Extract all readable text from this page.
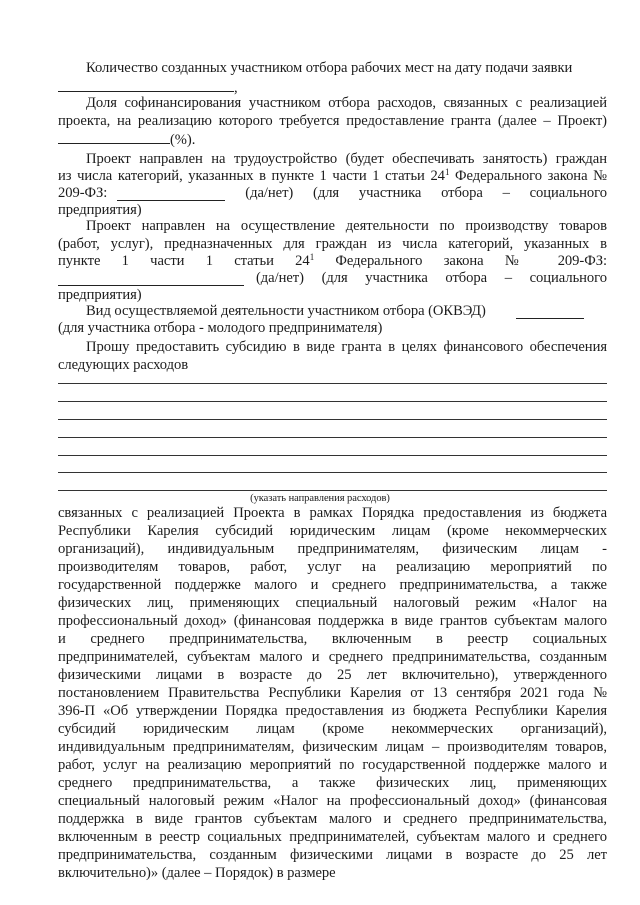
Количество созданных участником отбора рабочих мест на дату подачи заявки
,
Доля софинансирования участником отбора расходов, связанных с реализацией
проекта, на реализацию которого требуется предоставление гранта (далее – Проект)
(%).
Проект направлен на трудоустройство (будет обеспечивать занятость) граждан
из числа категорий, указанных в пункте 1 части 1 статьи $24^1$ Федерального закона №
209-ФЗ:	(да/нет) (для участника отбора – социального
предприятия)
Проект направлен на осуществление деятельности по производству товаров
(работ, услуг), предназначенных для граждан из числа категорий, указанных в
пункте 1 части 1 статьи $24^1$ Федерального закона № 209-ФЗ:
(да/нет) (для участника отбора – социального
предприятия)
Вид осуществляемой деятельности участником отбора (ОКВЭД)
(для участника отбора - молодого предпринимателя)
Прошу предоставить субсидию в виде гранта в целях финансового обеспечения
следующих расходов
(указать направления расходов)
связанных с реализацией Проекта в рамках Порядка предоставления из бюджета
Республики Карелия субсидий юридическим лицам (кроме некоммерческих
организаций), индивидуальным предпринимателям, физическим лицам -
производителям товаров, работ, услуг на реализацию мероприятий по
государственной поддержке малого и среднего предпринимательства, а также
физических лиц, применяющих специальный налоговый режим «Налог на
профессиональный доход» (финансовая поддержка в виде грантов субъектам малого
и среднего предпринимательства, включенным в реестр социальных
предпринимателей, субъектам малого и среднего предпринимательства, созданным
физическими лицами в возрасте до 25 лет включительно), утвержденного
постановлением Правительства Республики Карелия от 13 сентября 2021 года №
396-П «Об утверждении Порядка предоставления из бюджета Республики Карелия
субсидий юридическим лицам (кроме некоммерческих организаций),
индивидуальным предпринимателям, физическим лицам – производителям товаров,
работ, услуг на реализацию мероприятий по государственной поддержке малого и
среднего предпринимательства, а также физических лиц, применяющих
специальный налоговый режим «Налог на профессиональный доход» (финансовая
поддержка в виде грантов субъектам малого и среднего предпринимательства,
включенным в реестр социальных предпринимателей, субъектам малого и среднего
предпринимательства, созданным физическими лицами в возрасте до 25 лет
включительно)» (далее – Порядок) в размере
